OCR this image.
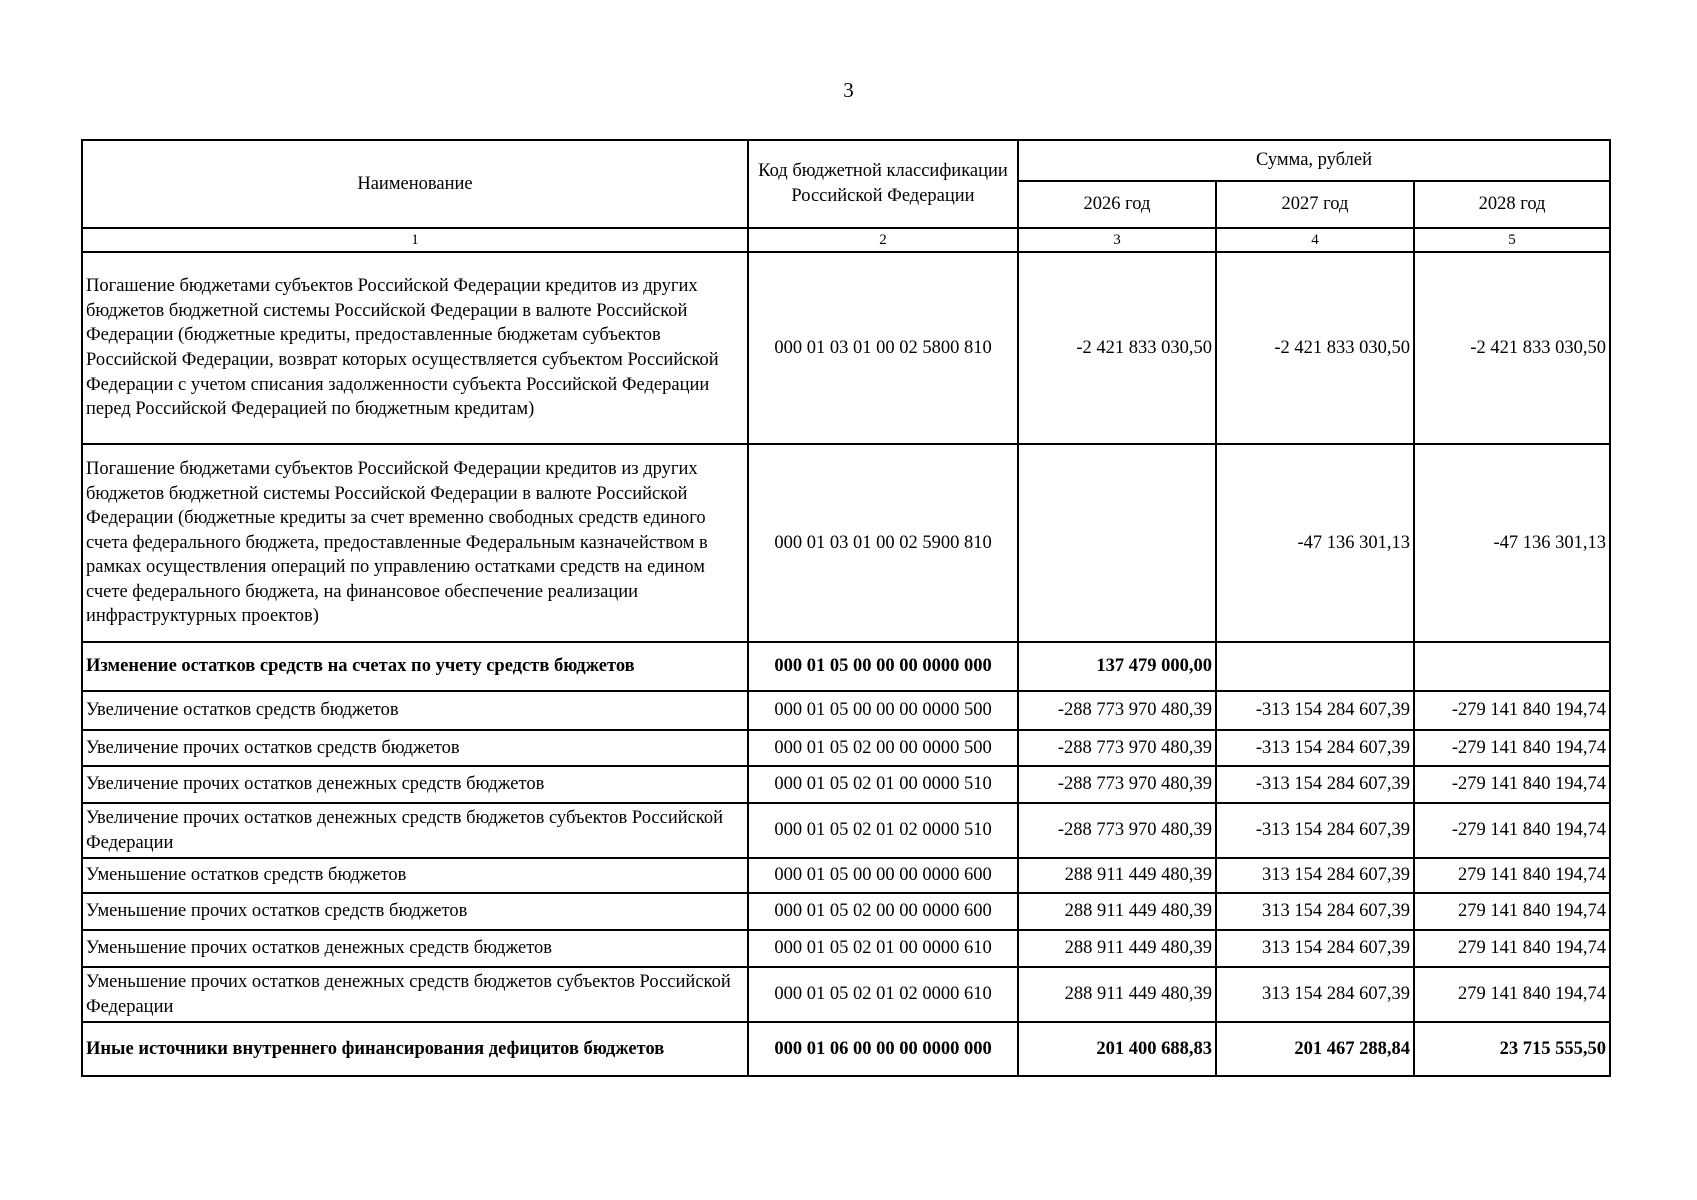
3
Наименование	Код бюджетной классификации Российской Федерации	Сумма, рублей		
		2026 год	2027 год	2028 год
1	2	3	4	5
Погашение бюджетами субъектов Российской Федерации кредитов из других бюджетов бюджетной системы Российской Федерации в валюте Российской Федерации (бюджетные кредиты, предоставленные бюджетам субъектов Российской Федерации, возврат которых осуществляется субъектом Российской Федерации с учетом списания задолженности субъекта Российской Федерации перед Российской Федерацией по бюджетным кредитам)	000 01 03 01 00 02 5800 810	-2 421 833 030,50	-2 421 833 030,50	-2 421 833 030,50
Погашение бюджетами субъектов Российской Федерации кредитов из других бюджетов бюджетной системы Российской Федерации в валюте Российской Федерации (бюджетные кредиты за счет временно свободных средств единого счета федерального бюджета, предоставленные Федеральным казначейством в рамках осуществления операций по управлению остатками средств на едином счете федерального бюджета, на финансовое обеспечение реализации инфраструктурных проектов)	000 01 03 01 00 02 5900 810		-47 136 301,13	-47 136 301,13
Изменение остатков средств на счетах по учету средств бюджетов	000 01 05 00 00 00 0000 000	137 479 000,00		
Увеличение остатков средств бюджетов	000 01 05 00 00 00 0000 500	-288 773 970 480,39	-313 154 284 607,39	-279 141 840 194,74
Увеличение прочих остатков средств бюджетов	000 01 05 02 00 00 0000 500	-288 773 970 480,39	-313 154 284 607,39	-279 141 840 194,74
Увеличение прочих остатков денежных средств бюджетов	000 01 05 02 01 00 0000 510	-288 773 970 480,39	-313 154 284 607,39	-279 141 840 194,74
Увеличение прочих остатков денежных средств бюджетов субъектов Российской Федерации	000 01 05 02 01 02 0000 510	-288 773 970 480,39	-313 154 284 607,39	-279 141 840 194,74
Уменьшение остатков средств бюджетов	000 01 05 00 00 00 0000 600	288 911 449 480,39	313 154 284 607,39	279 141 840 194,74
Уменьшение прочих остатков средств бюджетов	000 01 05 02 00 00 0000 600	288 911 449 480,39	313 154 284 607,39	279 141 840 194,74
Уменьшение прочих остатков денежных средств бюджетов	000 01 05 02 01 00 0000 610	288 911 449 480,39	313 154 284 607,39	279 141 840 194,74
Уменьшение прочих остатков денежных средств бюджетов субъектов Российской Федерации	000 01 05 02 01 02 0000 610	288 911 449 480,39	313 154 284 607,39	279 141 840 194,74
Иные источники внутреннего финансирования дефицитов бюджетов	000 01 06 00 00 00 0000 000	201 400 688,83	201 467 288,84	23 715 555,50
